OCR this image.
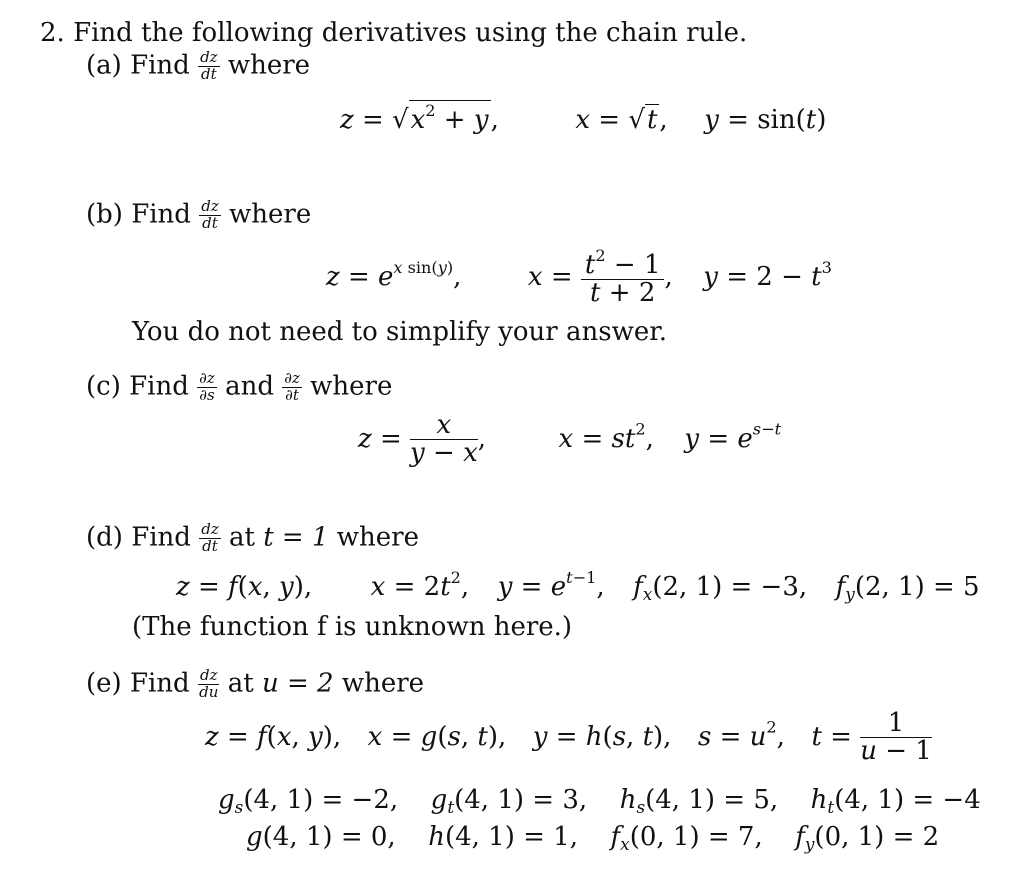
2. Find the following derivatives using the chain rule.
(a) Find $\frac{dz}{dt}$ where
$z = √x^2 + y$,	x = √t,  y = sin(t)
(b) Find $\frac{dz}{dt}$ where
$z = e^{x sin(y)}$,  $x = \frac{t^2 - 1}{t + 2}$ ,  $y = 2 - t^3$
You do not need to simplify your answer.
(c) Find $\frac{\partial z}{\partial s}$ and $\frac{\partial z}{\partial t}$ where
$z = \frac{x}{y - x}$ ,  $x = st^2$,  $y = e^{s-t}$
(d) Find $\frac{dz}{dt}$ at t = 1 where
z = f(x, y),  $x = 2t^2$,  $y = e^{t-1}$,  $f_x(2$, 1) = −3,  $f_y(2$, 1) = 5
(The function f is unknown here.)
(e) Find $\frac{dz}{du}$ at u = 2 where
z = f(x, y),  x = g(s, t),  y = h(s, t),  $s = u^2$,  $t = \frac{1}{u - 1}$
$g_s(4$, 1) = −2,  $g_t(4$, 1) = 3,  $h_s(4$, 1) = 5,  $h_t(4$, 1) = −4
g(4, 1) = 0,  h(4, 1) = 1,  $f_x(0$, 1) = 7,  $f_y(0$, 1) = 2
